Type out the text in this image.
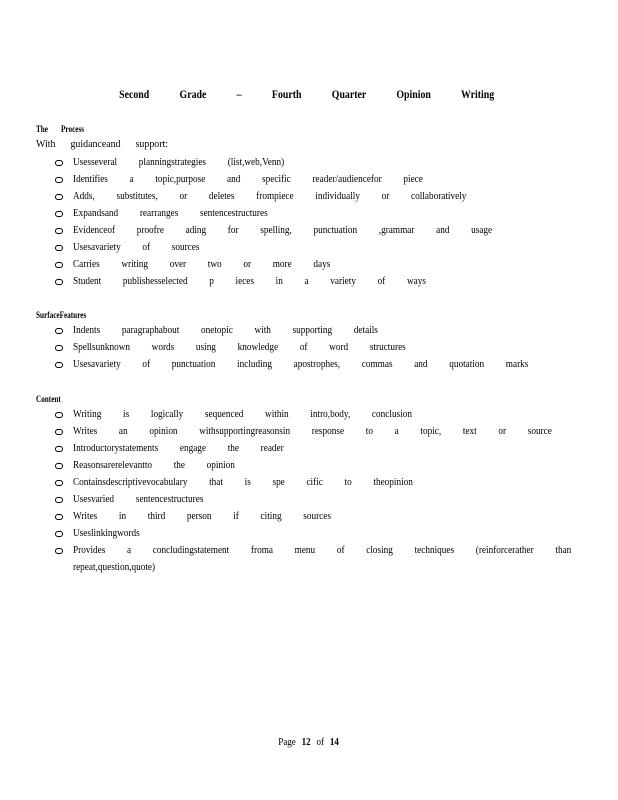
Second Grade – Fourth Quarter Opinion Writing
The Process
With guidanceand support:
Usesseveral planningstrategies (list,web,Venn)
Identifies a topic,purpose and specific reader/audiencefor piece
Adds, substitutes, or deletes frompiece individually or collaboratively
Expandsand rearranges sentencestructures
Evidenceof proofre ading for spelling, punctuation ,grammar and usage
Usesavariety of sources
Carries writing over two or more days
Student publishesselected p ieces in a variety of ways
SurfaceFeatures
Indents paragraphabout onetopic with supporting details
Spellsunknown words using knowledge of word structures
Usesavariety of punctuation including apostrophes, commas and quotation marks
Content
Writing is logically sequenced within intro,body, conclusion
Writes an opinion withsupportingreasonsin response to a topic, text or source
Introductorystatements engage the reader
Reasonsarerelevantto the opinion
Containsdescriptivevocabulary that is spe cific to theopinion
Usesvaried sentencestructures
Writes in third person if citing sources
Useslinkingwords
Provides a concludingstatement froma menu of closing techniques (reinforcerather than
repeat,question,quote)
Page 12 of 14
